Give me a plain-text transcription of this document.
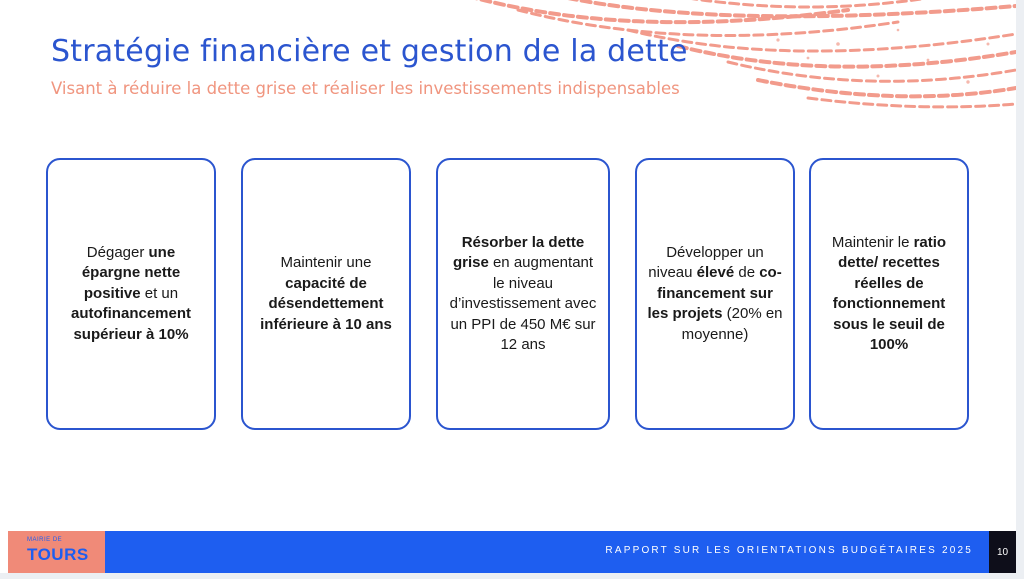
Stratégie financière et gestion de la dette

Visant à réduire la dette grise et réaliser les investissements indispensables

Dégager une épargne nette positive et un autofinancement supérieur à 10%

Maintenir une capacité de désendettement inférieure à 10 ans

Résorber la dette grise en augmentant le niveau d’investissement avec un PPI de 450 M€ sur 12 ans

Développer un niveau élevé de co-financement sur les projets (20% en moyenne)

Maintenir le ratio dette/ recettes réelles de fonctionnement sous le seuil de 100%

MAIRIE DE
TOURS	RAPPORT SUR LES ORIENTATIONS BUDGÉTAIRES 2025	10
